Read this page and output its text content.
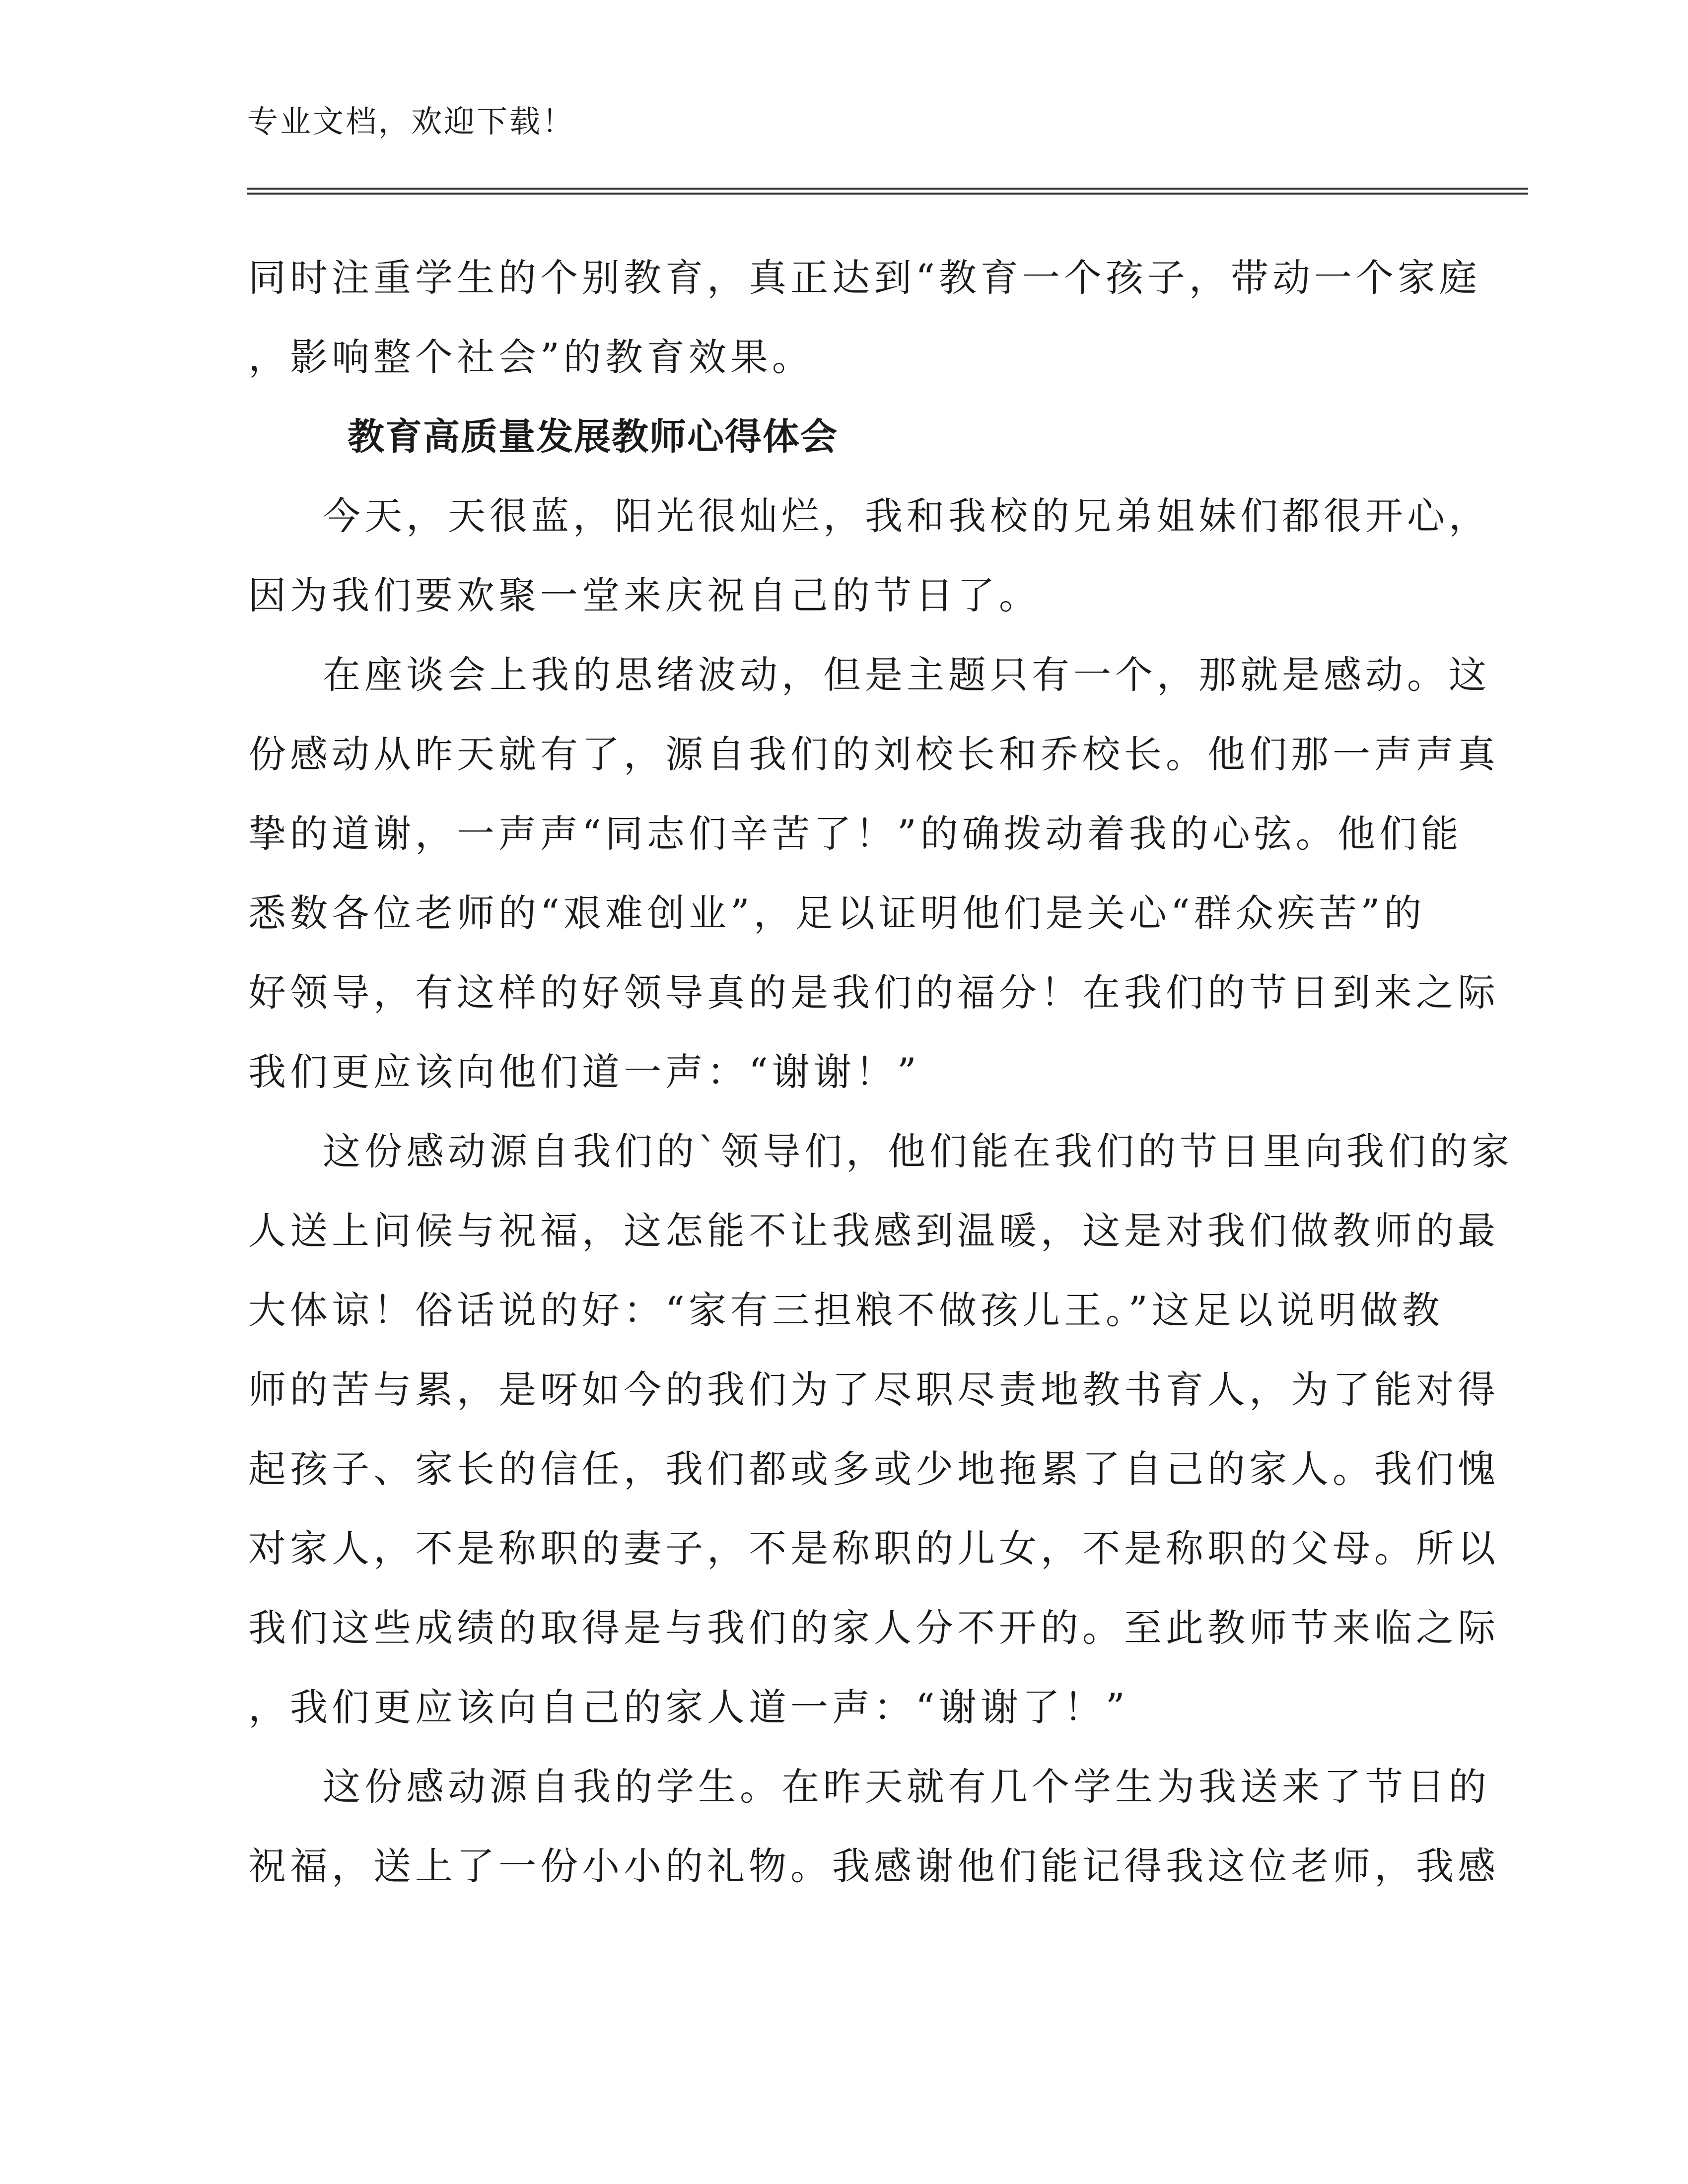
专业文档，欢迎下载！
同时注重学生的个别教育，真正达到“教育一个孩子，带动一个家庭
，影响整个社会”的教育效果。
教育高质量发展教师心得体会
今天，天很蓝，阳光很灿烂，我和我校的兄弟姐妹们都很开心，
因为我们要欢聚一堂来庆祝自己的节日了。
在座谈会上我的思绪波动，但是主题只有一个，那就是感动。这
份感动从昨天就有了，源自我们的刘校长和乔校长。他们那一声声真
挚的道谢，一声声“同志们辛苦了！”的确拨动着我的心弦。他们能
悉数各位老师的“艰难创业”，足以证明他们是关心“群众疾苦”的
好领导，有这样的好领导真的是我们的福分！在我们的节日到来之际
我们更应该向他们道一声：“谢谢！”
这份感动源自我们的`领导们，他们能在我们的节日里向我们的家
人送上问候与祝福，这怎能不让我感到温暖，这是对我们做教师的最
大体谅！俗话说的好：“家有三担粮不做孩儿王。”这足以说明做教
师的苦与累，是呀如今的我们为了尽职尽责地教书育人，为了能对得
起孩子、家长的信任，我们都或多或少地拖累了自己的家人。我们愧
对家人，不是称职的妻子，不是称职的儿女，不是称职的父母。所以
我们这些成绩的取得是与我们的家人分不开的。至此教师节来临之际
，我们更应该向自己的家人道一声：“谢谢了！”
这份感动源自我的学生。在昨天就有几个学生为我送来了节日的
祝福，送上了一份小小的礼物。我感谢他们能记得我这位老师，我感
